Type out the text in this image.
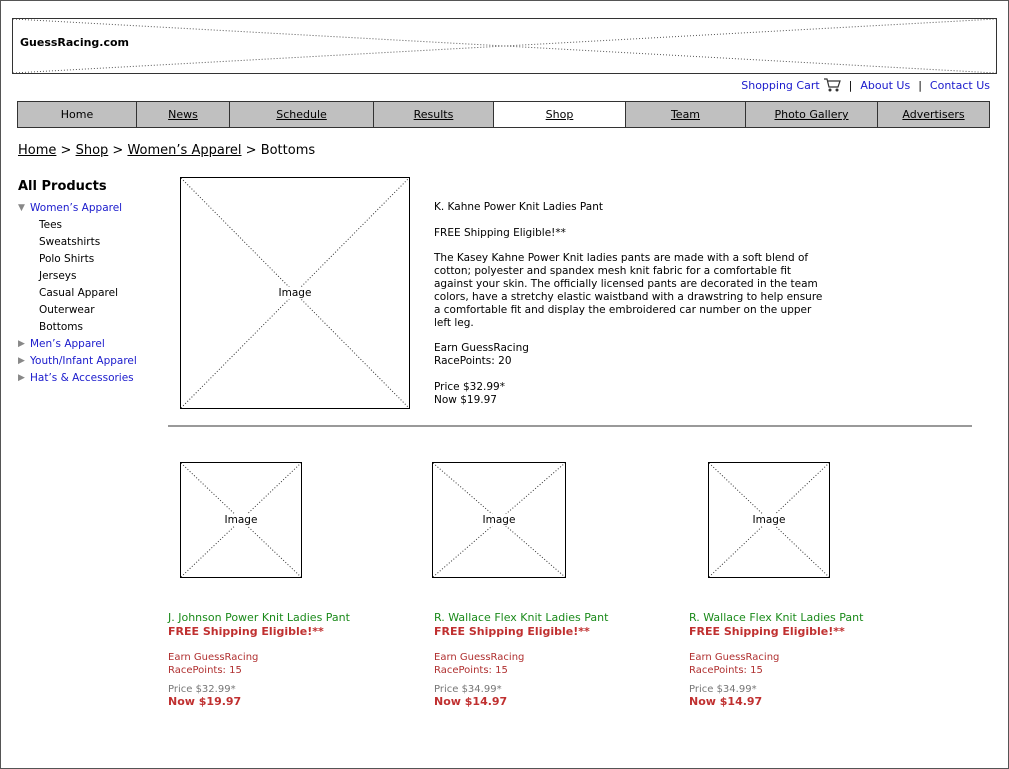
GuessRacing.com
Shopping Cart	| About Us | Contact Us
Home	News	Schedule	Results	Shop	Team	Photo Gallery	Advertisers
Home > Shop > Women’s Apparel > Bottoms
All Products
▼ Women’s Apparel
Tees
Sweatshirts
Polo Shirts
Jerseys
Casual Apparel
Outerwear
Bottoms
▶ Men’s Apparel
▶ Youth/Infant Apparel
▶ Hat’s & Accessories
Image
K. Kahne Power Knit Ladies Pant
FREE Shipping Eligible!**
The Kasey Kahne Power Knit ladies pants are made with a soft blend of cotton; polyester and spandex mesh knit fabric for a comfortable fit against your skin. The officially licensed pants are decorated in the team colors, have a stretchy elastic waistband with a drawstring to help ensure a comfortable fit and display the embroidered car number on the upper left leg.
Earn GuessRacing
RacePoints: 20
Price $32.99*
Now $19.97
Image	Image	Image
J. Johnson Power Knit Ladies Pant
FREE Shipping Eligible!**
Earn GuessRacing
RacePoints: 15
Price $32.99*
Now $19.97
R. Wallace Flex Knit Ladies Pant
FREE Shipping Eligible!**
Earn GuessRacing
RacePoints: 15
Price $34.99*
Now $14.97
R. Wallace Flex Knit Ladies Pant
FREE Shipping Eligible!**
Earn GuessRacing
RacePoints: 15
Price $34.99*
Now $14.97
